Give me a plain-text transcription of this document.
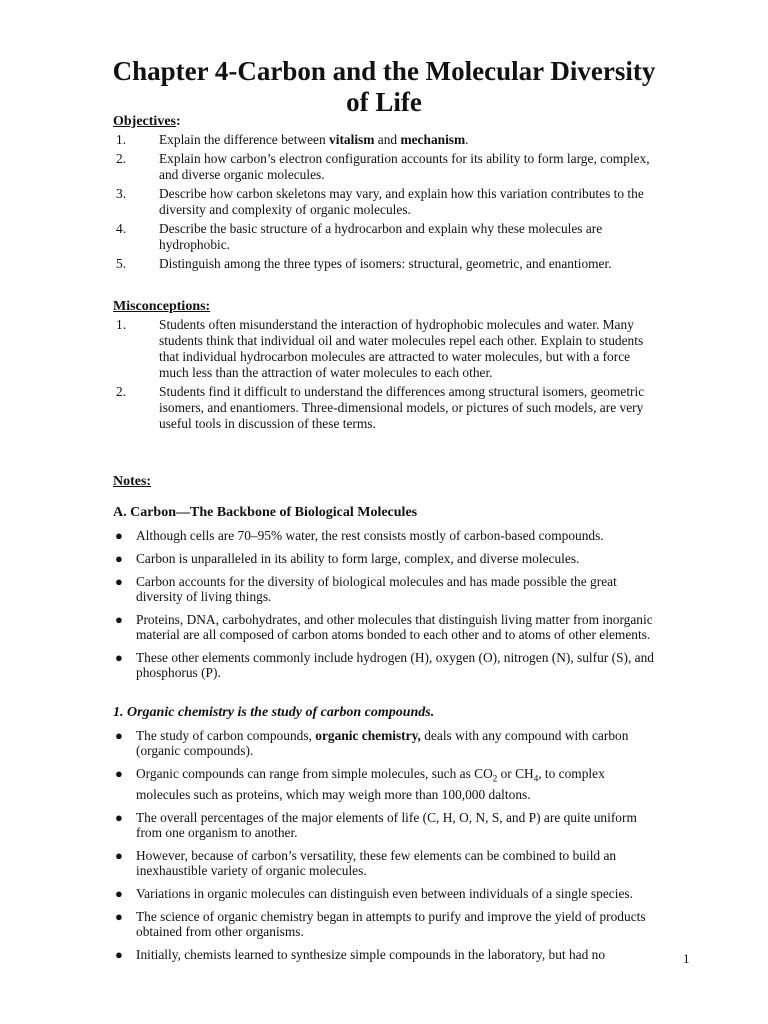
Chapter 4-Carbon and the Molecular Diversity of Life
Objectives:
1. Explain the difference between vitalism and mechanism.
2. Explain how carbon’s electron configuration accounts for its ability to form large, complex, and diverse organic molecules.
3. Describe how carbon skeletons may vary, and explain how this variation contributes to the diversity and complexity of organic molecules.
4. Describe the basic structure of a hydrocarbon and explain why these molecules are hydrophobic.
5. Distinguish among the three types of isomers: structural, geometric, and enantiomer.
Misconceptions:
1. Students often misunderstand the interaction of hydrophobic molecules and water. Many students think that individual oil and water molecules repel each other. Explain to students that individual hydrocarbon molecules are attracted to water molecules, but with a force much less than the attraction of water molecules to each other.
2. Students find it difficult to understand the differences among structural isomers, geometric isomers, and enantiomers. Three-dimensional models, or pictures of such models, are very useful tools in discussion of these terms.
Notes:
A. Carbon—The Backbone of Biological Molecules
● Although cells are 70–95% water, the rest consists mostly of carbon-based compounds.
● Carbon is unparalleled in its ability to form large, complex, and diverse molecules.
● Carbon accounts for the diversity of biological molecules and has made possible the great diversity of living things.
● Proteins, DNA, carbohydrates, and other molecules that distinguish living matter from inorganic material are all composed of carbon atoms bonded to each other and to atoms of other elements.
● These other elements commonly include hydrogen (H), oxygen (O), nitrogen (N), sulfur (S), and phosphorus (P).
1. Organic chemistry is the study of carbon compounds.
● The study of carbon compounds, organic chemistry, deals with any compound with carbon (organic compounds).
● Organic compounds can range from simple molecules, such as $CO_2$ or $CH_4$, to complex molecules such as proteins, which may weigh more than 100,000 daltons.
● The overall percentages of the major elements of life (C, H, O, N, S, and P) are quite uniform from one organism to another.
● However, because of carbon’s versatility, these few elements can be combined to build an inexhaustible variety of organic molecules.
● Variations in organic molecules can distinguish even between individuals of a single species.
● The science of organic chemistry began in attempts to purify and improve the yield of products obtained from other organisms.
● Initially, chemists learned to synthesize simple compounds in the laboratory, but had no	1
